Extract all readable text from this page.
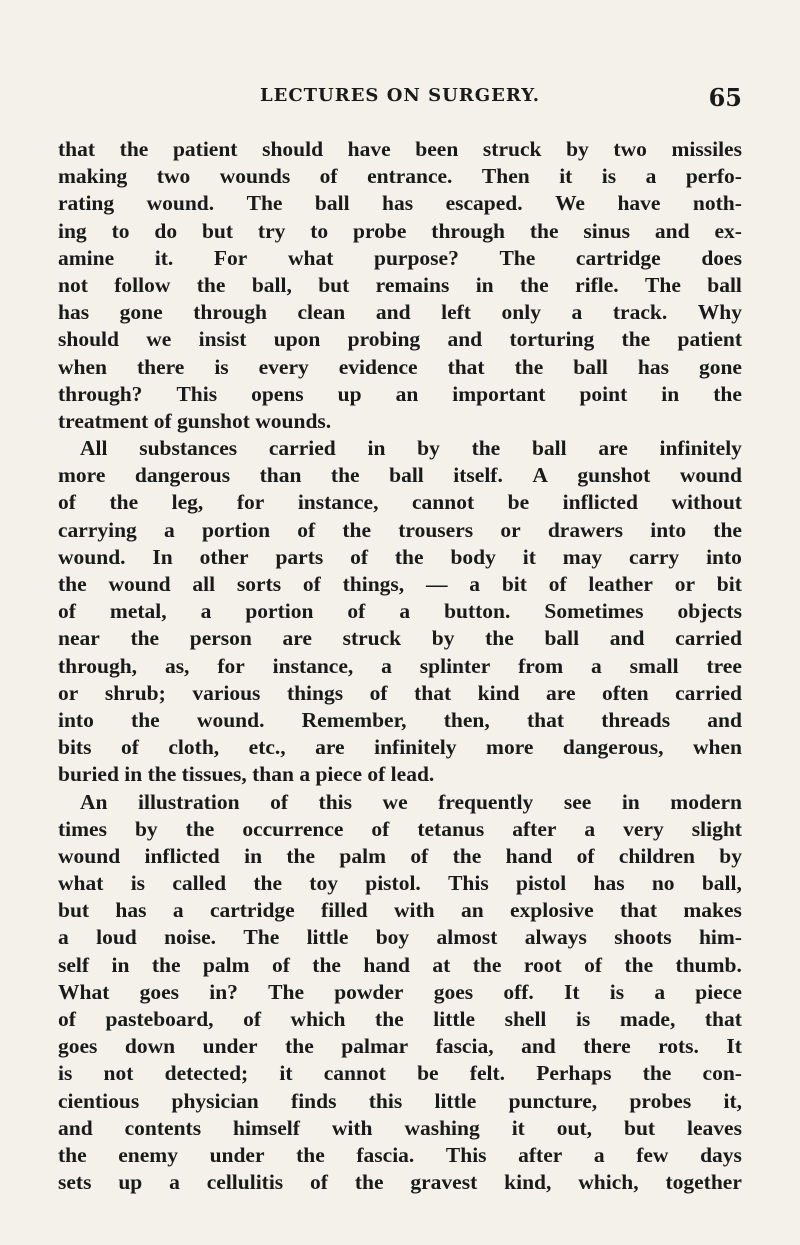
LECTURES ON SURGERY.	65
that the patient should have been struck by two missiles
making two wounds of entrance. Then it is a perfo-
rating wound. The ball has escaped. We have noth-
ing to do but try to probe through the sinus and ex-
amine it. For what purpose? The cartridge does
not follow the ball, but remains in the rifle. The ball
has gone through clean and left only a track. Why
should we insist upon probing and torturing the patient
when there is every evidence that the ball has gone
through? This opens up an important point in the
treatment of gunshot wounds.
All substances carried in by the ball are infinitely
more dangerous than the ball itself. A gunshot wound
of the leg, for instance, cannot be inflicted without
carrying a portion of the trousers or drawers into the
wound. In other parts of the body it may carry into
the wound all sorts of things, — a bit of leather or bit
of metal, a portion of a button. Sometimes objects
near the person are struck by the ball and carried
through, as, for instance, a splinter from a small tree
or shrub; various things of that kind are often carried
into the wound. Remember, then, that threads and
bits of cloth, etc., are infinitely more dangerous, when
buried in the tissues, than a piece of lead.
An illustration of this we frequently see in modern
times by the occurrence of tetanus after a very slight
wound inflicted in the palm of the hand of children by
what is called the toy pistol. This pistol has no ball,
but has a cartridge filled with an explosive that makes
a loud noise. The little boy almost always shoots him-
self in the palm of the hand at the root of the thumb.
What goes in? The powder goes off. It is a piece
of pasteboard, of which the little shell is made, that
goes down under the palmar fascia, and there rots. It
is not detected; it cannot be felt. Perhaps the con-
cientious physician finds this little puncture, probes it,
and contents himself with washing it out, but leaves
the enemy under the fascia. This after a few days
sets up a cellulitis of the gravest kind, which, together
